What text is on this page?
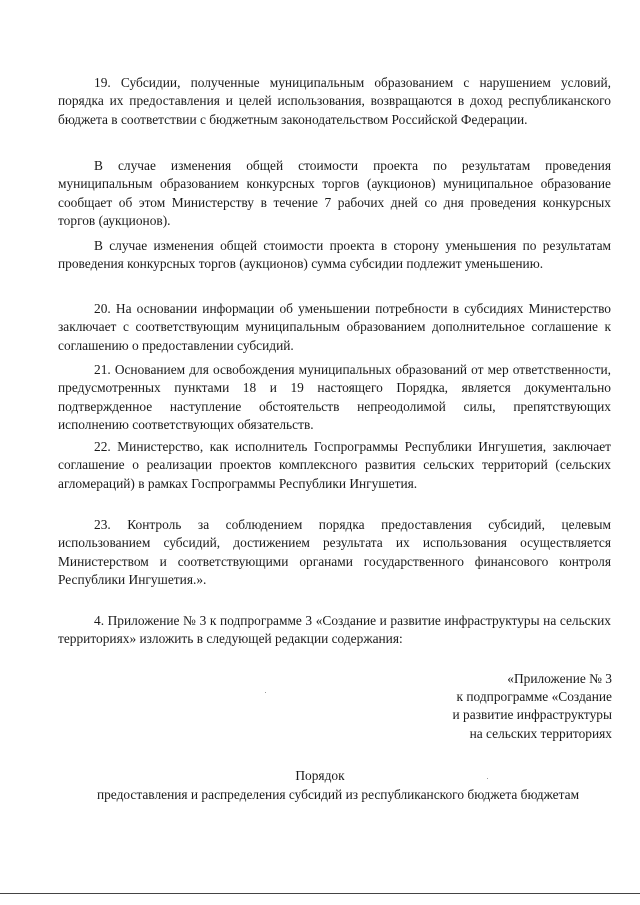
19. Субсидии, полученные муниципальным образованием с нарушением условий, порядка их предоставления и целей использования, возвращаются в доход республиканского бюджета в соответствии с бюджетным законодательством Российской Федерации.

В случае изменения общей стоимости проекта по результатам проведения муниципальным образованием конкурсных торгов (аукционов) муниципальное образование сообщает об этом Министерству в течение 7 рабочих дней со дня проведения конкурсных торгов (аукционов).

В случае изменения общей стоимости проекта в сторону уменьшения по результатам проведения конкурсных торгов (аукционов) сумма субсидии подлежит уменьшению.

20. На основании информации об уменьшении потребности в субсидиях Министерство заключает с соответствующим муниципальным образованием дополнительное соглашение к соглашению о предоставлении субсидий.

21. Основанием для освобождения муниципальных образований от мер ответственности, предусмотренных пунктами 18 и 19 настоящего Порядка, является документально подтвержденное наступление обстоятельств непреодолимой силы, препятствующих исполнению соответствующих обязательств.

22. Министерство, как исполнитель Госпрограммы Республики Ингушетия, заключает соглашение о реализации проектов комплексного развития сельских территорий (сельских агломераций) в рамках Госпрограммы Республики Ингушетия.

23. Контроль за соблюдением порядка предоставления субсидий, целевым использованием субсидий, достижением результата их использования осуществляется Министерством и соответствующими органами государственного финансового контроля Республики Ингушетия.».

4. Приложение № 3 к подпрограмме 3 «Создание и развитие инфраструктуры на сельских территориях» изложить в следующей редакции содержания:

«Приложение № 3
к подпрограмме «Создание
и развитие инфраструктуры
на сельских территориях
Порядок
предоставления и распределения субсидий из республиканского бюджета бюджетам
